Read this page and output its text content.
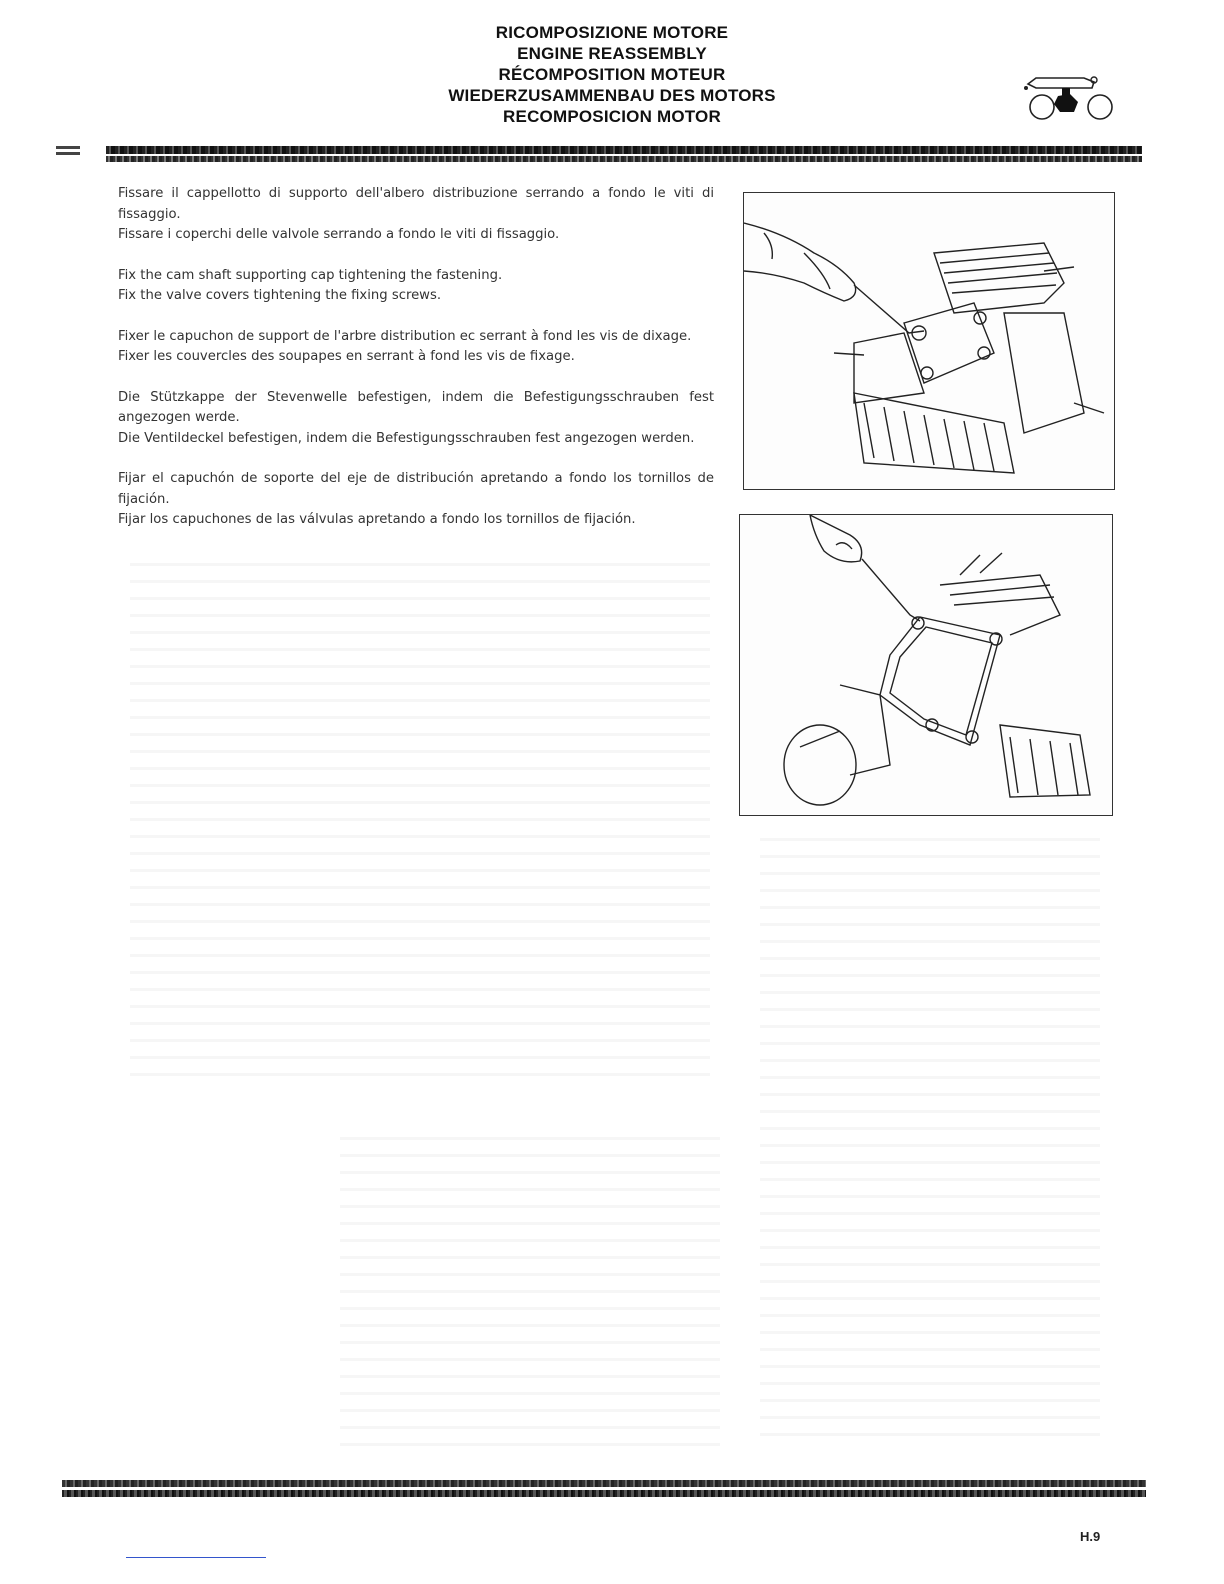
RICOMPOSIZIONE MOTORE
ENGINE REASSEMBLY
RÉCOMPOSITION MOTEUR
WIEDERZUSAMMENBAU DES MOTORS
RECOMPOSICION MOTOR

Fissare il cappellotto di supporto dell'albero distribuzione serrando a fondo le viti di fissaggio.
Fissare i coperchi delle valvole serrando a fondo le viti di fissaggio.

Fix the cam shaft supporting cap tightening the fastening.
Fix the valve covers tightening the fixing screws.

Fixer le capuchon de support de l'arbre distribution ec serrant à fond les vis de dixage.
Fixer les couvercles des soupapes en serrant à fond les vis de fixage.

Die Stützkappe der Stevenwelle befestigen, indem die Befestigungsschrauben fest angezogen werde.
Die Ventildeckel befestigen, indem die Befestigungsschrauben fest angezogen werden.

Fijar el capuchón de soporte del eje de distribución apretando a fondo los tornillos de fijación.
Fijar los capuchones de las válvulas apretando a fondo los tornillos de fijación.

H.9
